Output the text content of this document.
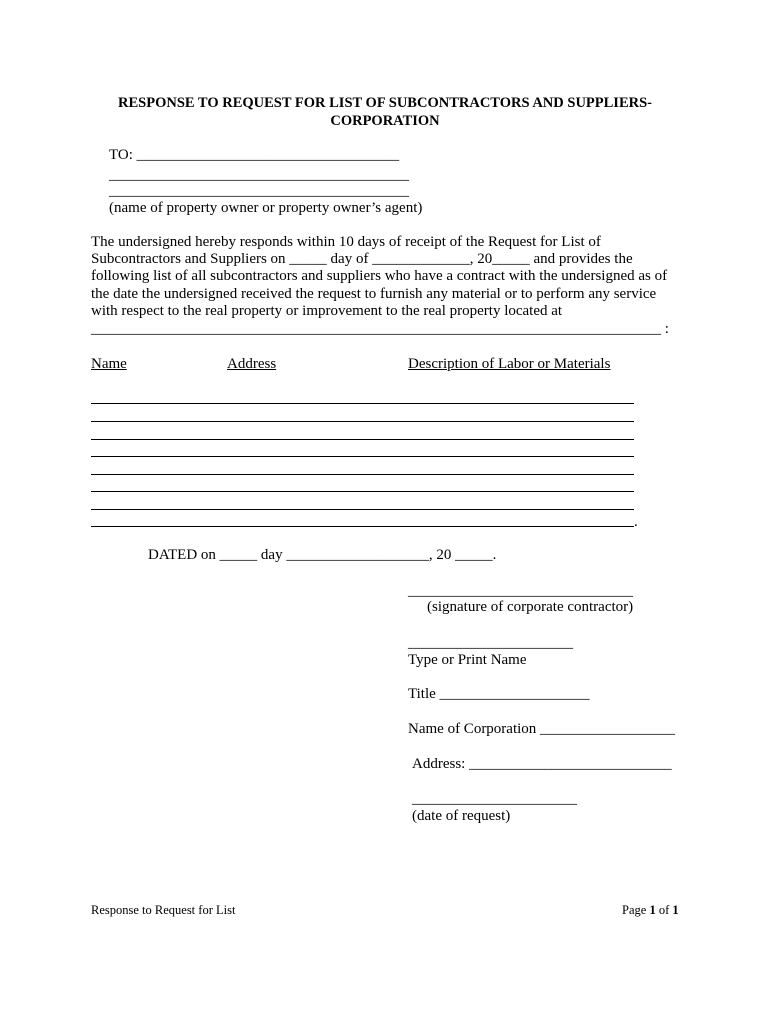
RESPONSE TO REQUEST FOR LIST OF SUBCONTRACTORS AND SUPPLIERS-
CORPORATION
TO: ___________________________________
________________________________________
________________________________________
(name of property owner or property owner’s agent)
The undersigned hereby responds within 10 days of receipt of the Request for List of
Subcontractors and Suppliers on _____ day of _____________, 20_____ and provides the
following list of all subcontractors and suppliers who have a contract with the undersigned as of
the date the undersigned received the request to furnish any material or to perform any service
with respect to the real property or improvement to the real property located at
____________________________________________________________________________ :
Name	Address	Description of Labor or Materials
.
DATED on _____ day ___________________, 20 _____.
______________________________
(signature of corporate contractor)
______________________
Type or Print Name
Title ____________________
Name of Corporation __________________
Address: ___________________________
______________________
(date of request)
Response to Request for List	Page 1 of 1
